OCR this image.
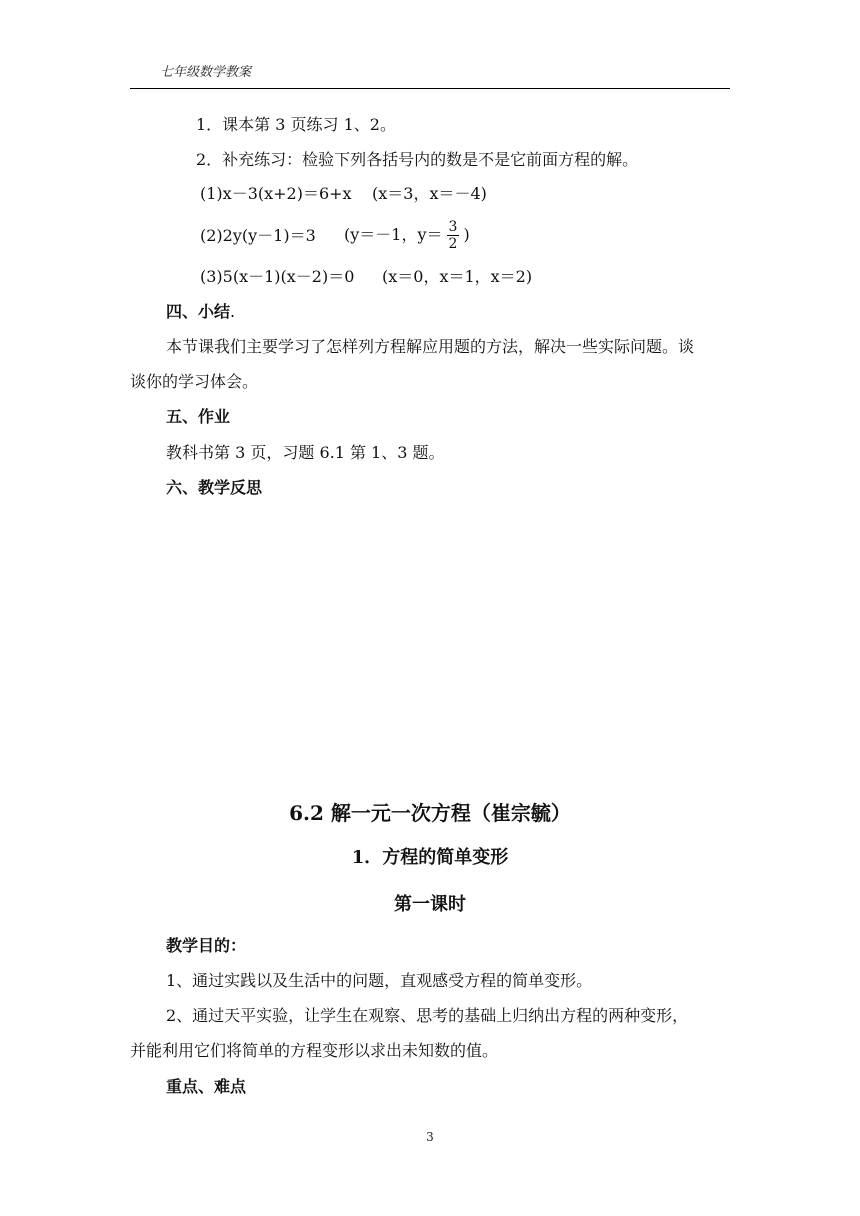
七年级数学教案
1．课本第 3 页练习 1、2。
2．补充练习：检验下列各括号内的数是不是它前面方程的解。
(1)x－3(x+2)＝6+x (x＝3，x＝－4)
(2)2y(y－1)＝3 (y＝－1，$y= \frac{3}{2}$ )
(3)5(x－1)(x－2)＝0 (x＝0，x＝1，x＝2)
四、小结.
本节课我们主要学习了怎样列方程解应用题的方法，解决一些实际问题。谈
谈你的学习体会。
五、作业
教科书第 3 页，习题 6.1 第 1、3 题。
六、教学反思
6.2 解一元一次方程（崔宗毓）
1．方程的简单变形
第一课时
教学目的：
1、通过实践以及生活中的问题，直观感受方程的简单变形。
2、通过天平实验，让学生在观察、思考的基础上归纳出方程的两种变形，
并能利用它们将简单的方程变形以求出未知数的值。
重点、难点
3
